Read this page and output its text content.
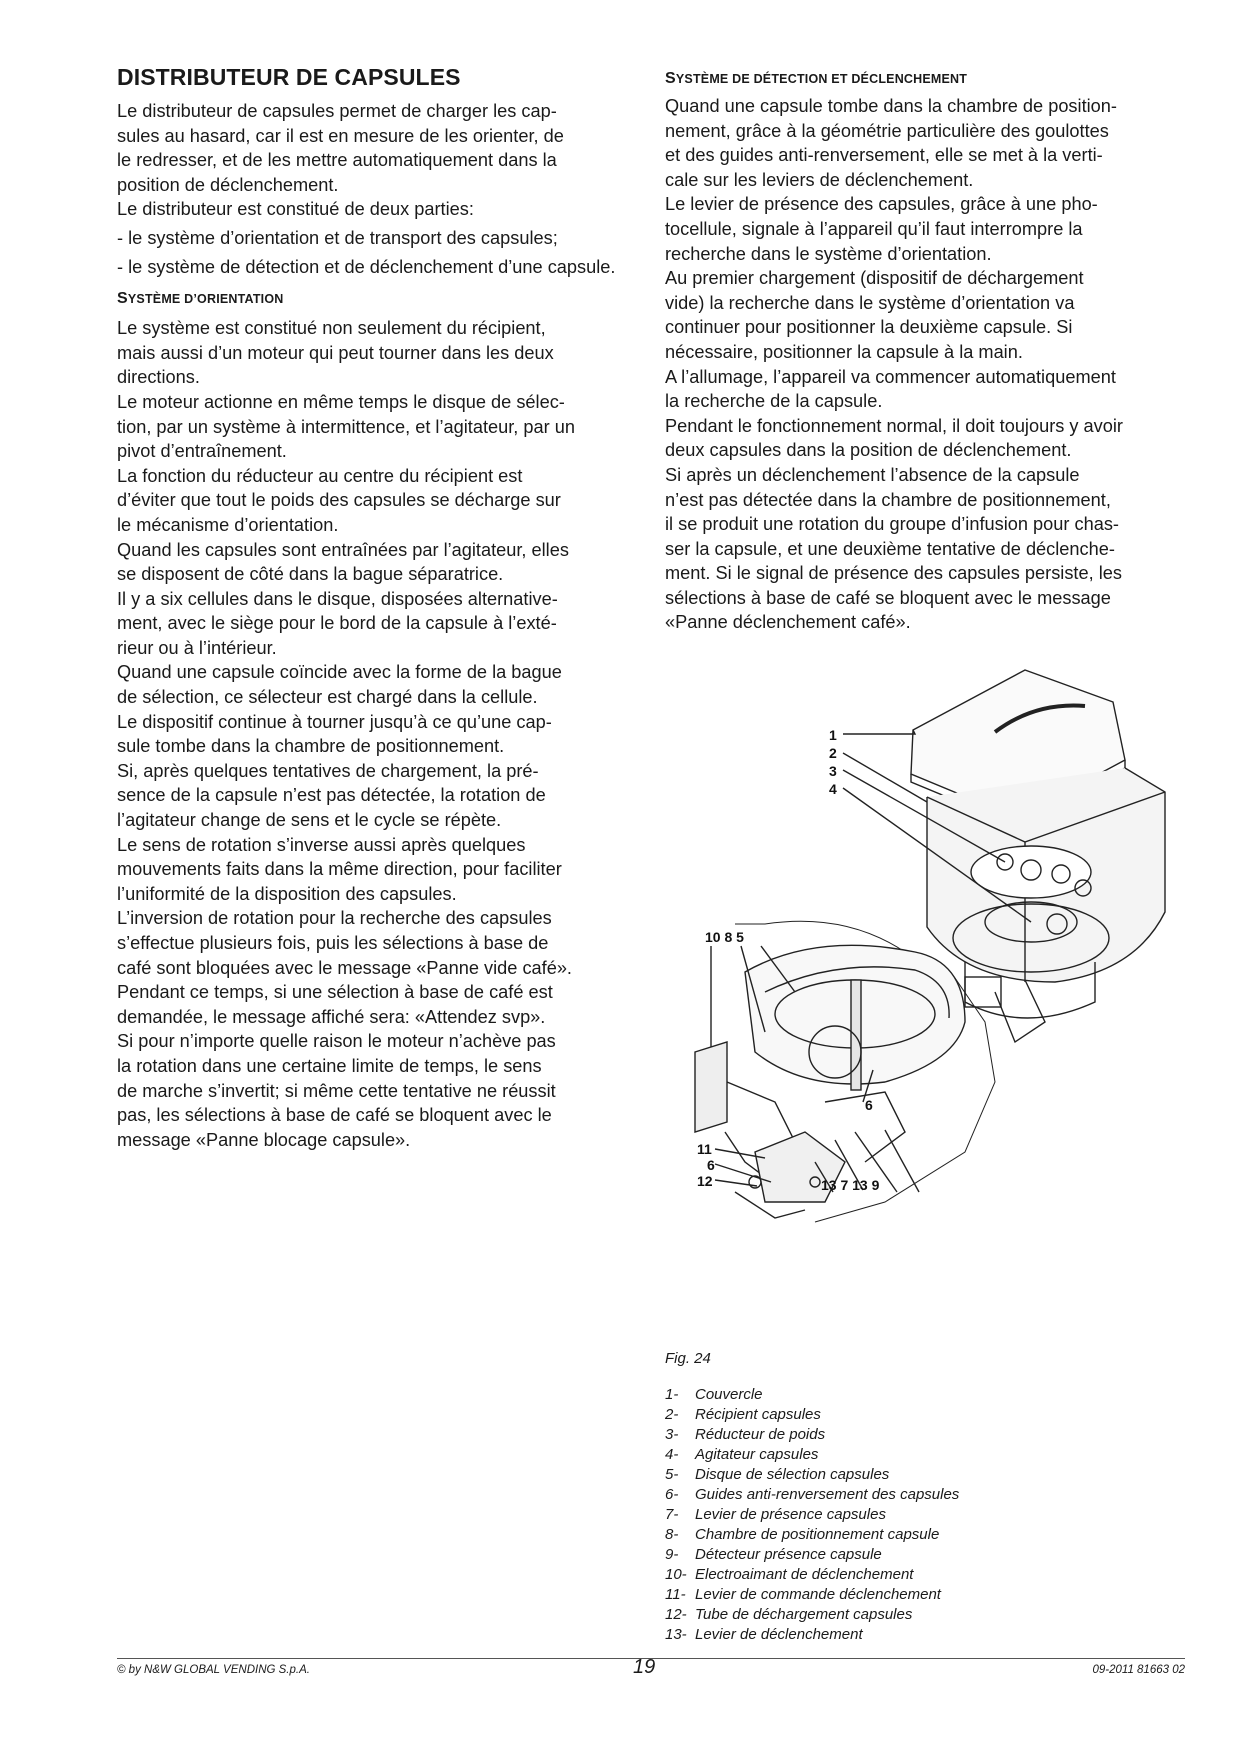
DISTRIBUTEUR DE CAPSULES

Le distributeur de capsules permet de charger les cap-

sules au hasard, car il est en mesure de les orienter, de

le redresser, et de les mettre automatiquement dans la

position de déclenchement.

Le distributeur est constitué de deux parties:

- le système d’orientation et de transport des capsules;

- le système de détection et de déclenchement d’une capsule.

SYSTÈME D’ORIENTATION

Le système est constitué non seulement du récipient,

mais aussi d’un moteur qui peut tourner dans les deux

directions.

Le moteur actionne en même temps le disque de sélec-

tion, par un système à intermittence, et l’agitateur, par un

pivot d’entraînement.

La fonction du réducteur au centre du récipient est

d’éviter que tout le poids des capsules se décharge sur

le mécanisme d’orientation.

Quand les capsules sont entraînées par l’agitateur, elles

se disposent de côté dans la bague séparatrice.

Il y a six cellules dans le disque, disposées alternative-

ment, avec le siège pour le bord de la capsule à l’exté-

rieur ou à l’intérieur.

Quand une capsule coïncide avec la forme de la bague

de sélection, ce sélecteur est chargé dans la cellule.

Le dispositif continue à tourner jusqu’à ce qu’une cap-

sule tombe dans la chambre de positionnement.

Si, après quelques tentatives de chargement, la pré-

sence de la capsule n’est pas détectée, la rotation de

l’agitateur change de sens et le cycle se répète.

Le sens de rotation s’inverse aussi après quelques

mouvements faits dans la même direction, pour faciliter

l’uniformité de la disposition des capsules.

L’inversion de rotation pour la recherche des capsules

s’effectue plusieurs fois, puis les sélections à base de

café sont bloquées avec le message «Panne vide café».

Pendant ce temps, si une sélection à base de café est

demandée, le message affiché sera: «Attendez svp».

Si pour n’importe quelle raison le moteur n’achève pas

la rotation dans une certaine limite de temps, le sens

de marche s’invertit; si même cette tentative ne réussit

pas, les sélections à base de café se bloquent avec le

message «Panne blocage capsule».

SYSTÈME DE DÉTECTION ET DÉCLENCHEMENT

Quand une capsule tombe dans la chambre de position-

nement, grâce à la géométrie particulière des goulottes

et des guides anti-renversement, elle se met à la verti-

cale sur les leviers de déclenchement.

Le levier de présence des capsules, grâce à une pho-

tocellule, signale à l’appareil qu’il faut interrompre la

recherche dans le système d’orientation.

Au premier chargement (dispositif de déchargement

vide) la recherche dans le système d’orientation va

continuer pour positionner la deuxième capsule. Si

nécessaire, positionner la capsule à la main.

A l’allumage, l’appareil va commencer automatiquement

la recherche de la capsule.

Pendant le fonctionnement normal, il doit toujours y avoir

deux capsules dans la position de déclenchement.

Si après un déclenchement l’absence de la capsule

n’est pas détectée dans la chambre de positionnement,

il se produit une rotation du groupe d’infusion pour chas-

ser la capsule, et une deuxième tentative de déclenche-

ment. Si le signal de présence des capsules persiste, les

sélections à base de café se bloquent avec le message

«Panne déclenchement café».

1
2
3
4
10 8 5
6
11
6
12	13 7 13 9
Fig. 24
1-	Couvercle
2-	Récipient capsules
3-	Réducteur de poids
4-	Agitateur capsules
5-	Disque de sélection capsules
6-	Guides anti-renversement des capsules
7-	Levier de présence capsules
8-	Chambre de positionnement capsule
9-	Détecteur présence capsule
10- Electroaimant de déclenchement
11- Levier de commande déclenchement
12- Tube de déchargement capsules
13- Levier de déclenchement
© by N&W GLOBAL VENDING S.p.A.	19	09-2011 81663 02
